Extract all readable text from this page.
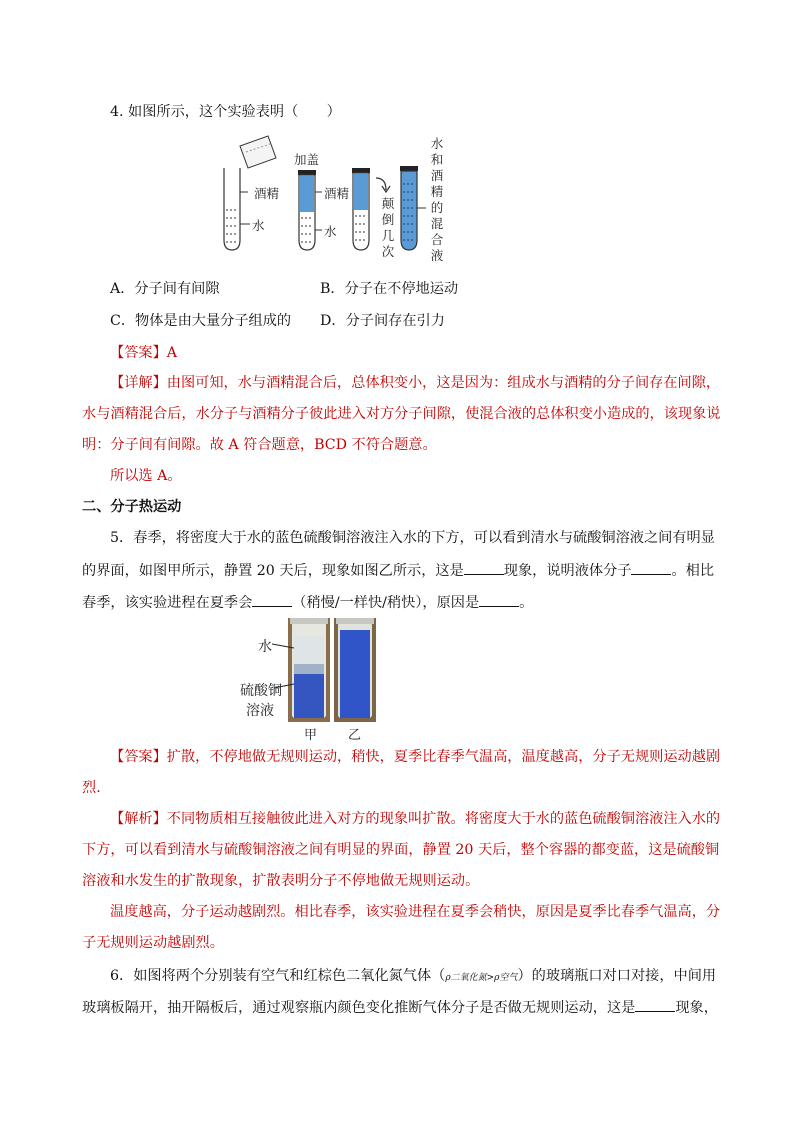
4. 如图所示，这个实验表明（　　）
酒精
水
加盖
酒精
水
颠倒几次
水和酒精的混合液
A．分子间有间隙	B．分子在不停地运动
C．物体是由大量分子组成的 D．分子间存在引力
【答案】A
【详解】由图可知，水与酒精混合后，总体积变小，这是因为：组成水与酒精的分子间存在间隙，
水与酒精混合后，水分子与酒精分子彼此进入对方分子间隙，使混合液的总体积变小造成的，该现象说
明：分子间有间隙。故 A 符合题意，BCD 不符合题意。
所以选 A。
二、分子热运动
5．春季，将密度大于水的蓝色硫酸铜溶液注入水的下方，可以看到清水与硫酸铜溶液之间有明显
的界面，如图甲所示，静置 20 天后，现象如图乙所示，这是	现象，说明液体分子	。相比
春季，该实验进程在夏季会	（稍慢/一样快/稍快），原因是	。
水
硫酸铜
溶液
甲 乙
【答案】扩散，不停地做无规则运动，稍快，夏季比春季气温高，温度越高，分子无规则运动越剧
烈.
【解析】不同物质相互接触彼此进入对方的现象叫扩散。将密度大于水的蓝色硫酸铜溶液注入水的
下方，可以看到清水与硫酸铜溶液之间有明显的界面，静置 20 天后，整个容器的都变蓝，这是硫酸铜
溶液和水发生的扩散现象，扩散表明分子不停地做无规则运动。
温度越高，分子运动越剧烈。相比春季，该实验进程在夏季会稍快，原因是夏季比春季气温高，分
子无规则运动越剧烈。
6．如图将两个分别装有空气和红棕色二氧化氮气体（ρ二氧化氮>ρ空气）的玻璃瓶口对口对接，中间用
玻璃板隔开，抽开隔板后，通过观察瓶内颜色变化推断气体分子是否做无规则运动，这是	现象，
